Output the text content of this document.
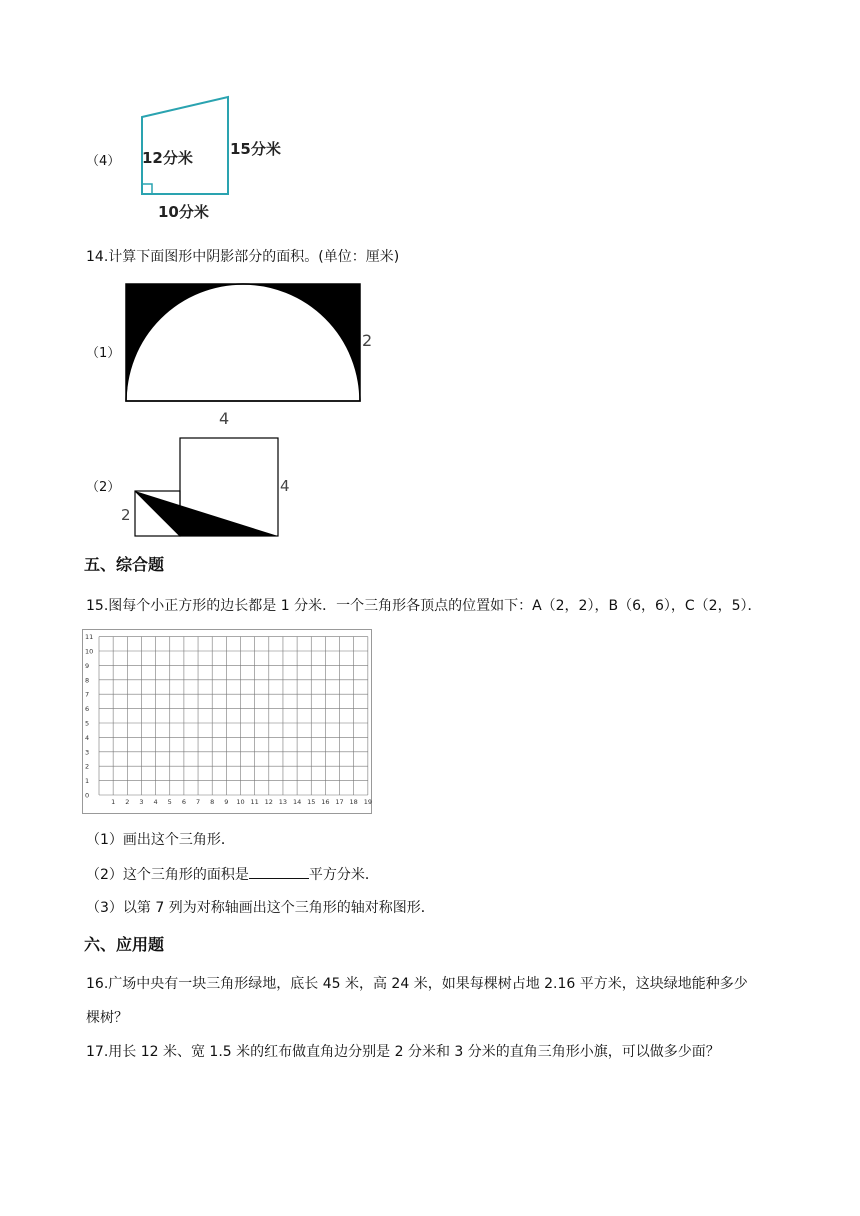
（4） 12分米 15分米
10分米
14.计算下面图形中阴影部分的面积。(单位：厘米)
（1）
2
4
（2）
2
4
五、综合题
15.图每个小正方形的边长都是 1 分米．一个三角形各顶点的位置如下：A（2，2），B（6，6），C（2，5）．
11
10
9
8
7
6
5
4
3
2
1
0
1 2 3 4 5 6 7 8 9 10 11 12 13 14 15 16 17 18 19
（1）画出这个三角形．
（2）这个三角形的面积是	平方分米．
（3）以第 7 列为对称轴画出这个三角形的轴对称图形．
六、应用题
16.广场中央有一块三角形绿地，底长 45 米，高 24 米，如果每棵树占地 2.16 平方米，这块绿地能种多少
棵树？
17.用长 12 米、宽 1.5 米的红布做直角边分别是 2 分米和 3 分米的直角三角形小旗，可以做多少面？
